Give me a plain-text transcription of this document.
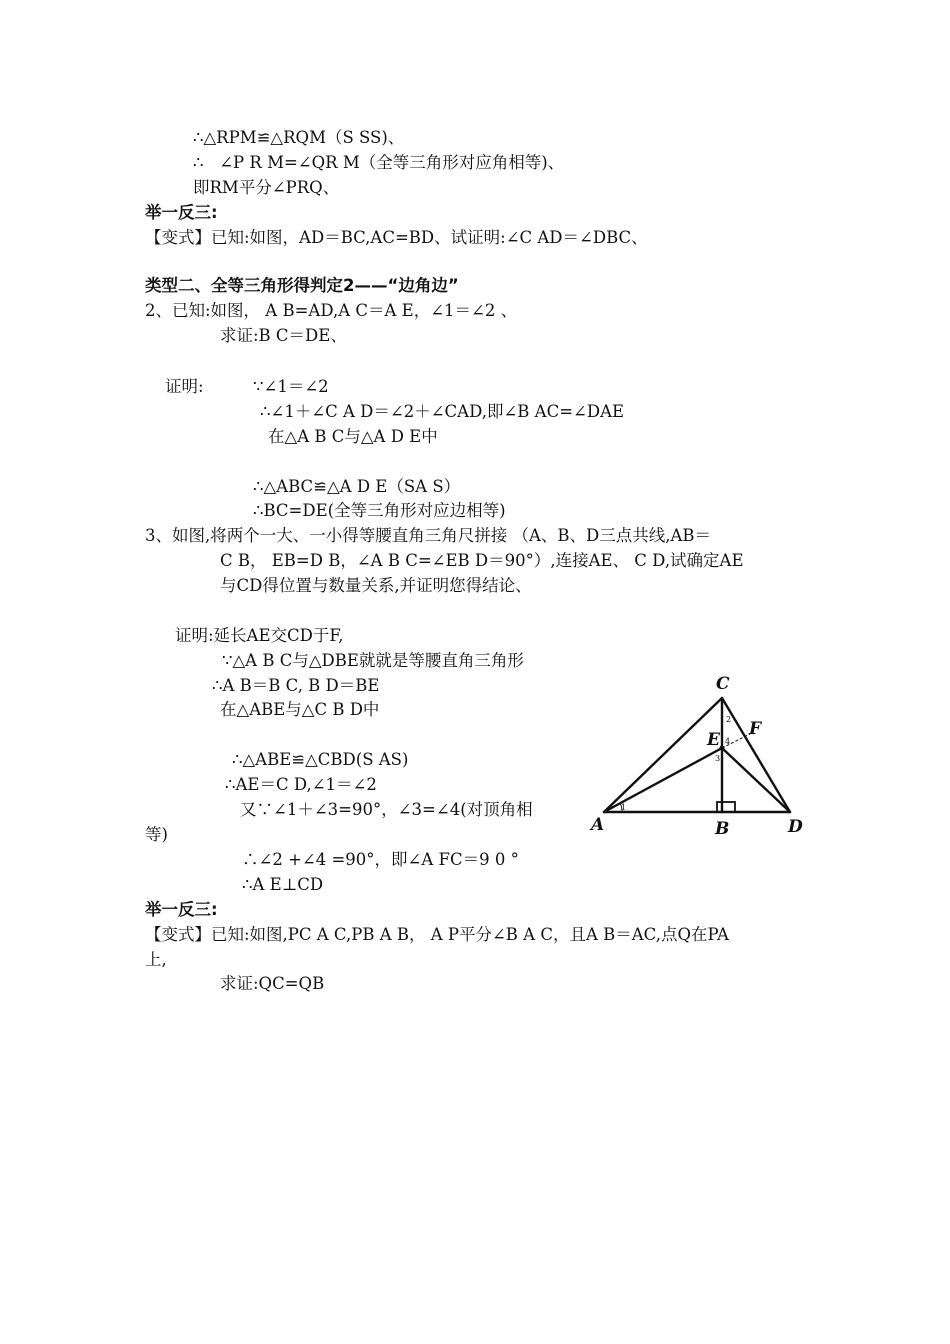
∴△RPM≌△RQM（S SS)、
∴   ∠P R M=∠QR M（全等三角形对应角相等)、
即RM平分∠PRQ、
举一反三:
【变式】已知:如图，AD＝BC,AC=BD、试证明:∠C AD＝∠DBC、
类型二、全等三角形得判定2——“边角边”
2、已知:如图， A B=AD,A C＝A E，∠1＝∠2 、
求证:B C＝DE、
证明:	∵∠1＝∠2
∴∠1＋∠C A D＝∠2＋∠CAD,即∠B AC=∠DAE
在△A B C与△A D E中
∴△ABC≌△A D E（SA S）
∴BC=DE(全等三角形对应边相等)
3、如图,将两个一大、一小得等腰直角三角尺拼接 （A、B、D三点共线,AB＝
C B， EB=D B，∠A B C=∠EB D＝90°）,连接AE、 C D,试确定AE
与CD得位置与数量关系,并证明您得结论、
证明:延长AE交CD于F,
∵△A B C与△DBE就就是等腰直角三角形
∴A B＝B C, B D＝BE
在△ABE与△C B D中
∴△ABE≌△CBD(S AS)
∴AE＝C D,∠1＝∠2
又∵∠1＋∠3=90°，∠3=∠4(对顶角相
等)
∴∠2 +∠4 =90°，即∠A FC＝9 0 °
∴A E⊥CD
举一反三:
【变式】已知:如图,PC A C,PB A B， A P平分∠B A C，且A B＝AC,点Q在PA
上,
求证:QC=QB
C
E
F
A	B	D
1
2
3
4
